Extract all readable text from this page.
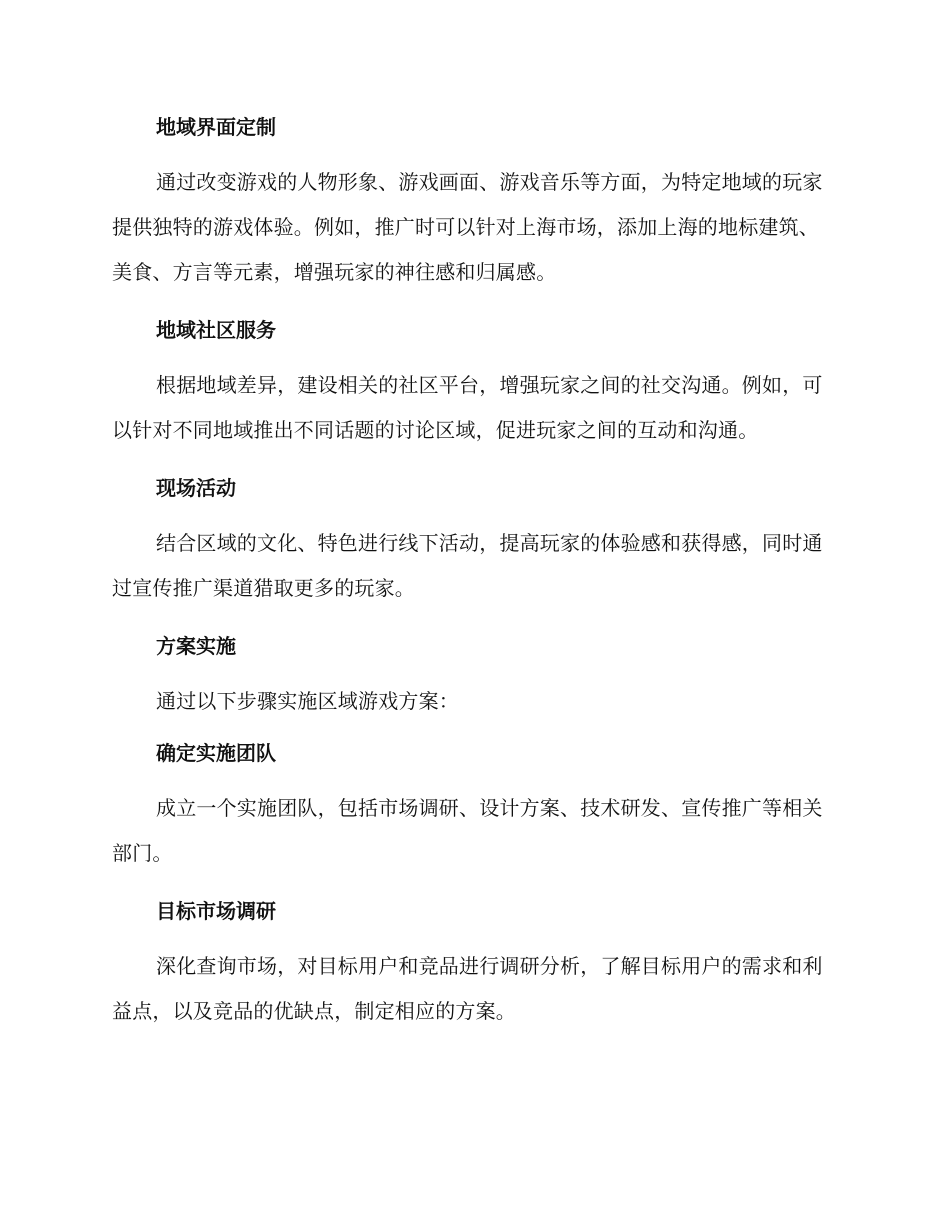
地域界面定制

通过改变游戏的人物形象、游戏画面、游戏音乐等方面，为特定地域的玩家提供独特的游戏体验。例如，推广时可以针对上海市场，添加上海的地标建筑、美食、方言等元素，增强玩家的神往感和归属感。

地域社区服务

根据地域差异，建设相关的社区平台，增强玩家之间的社交沟通。例如，可以针对不同地域推出不同话题的讨论区域，促进玩家之间的互动和沟通。

现场活动

结合区域的文化、特色进行线下活动，提高玩家的体验感和获得感，同时通过宣传推广渠道猎取更多的玩家。

方案实施

通过以下步骤实施区域游戏方案：

确定实施团队

成立一个实施团队，包括市场调研、设计方案、技术研发、宣传推广等相关部门。

目标市场调研

深化查询市场，对目标用户和竞品进行调研分析，了解目标用户的需求和利益点，以及竞品的优缺点，制定相应的方案。
